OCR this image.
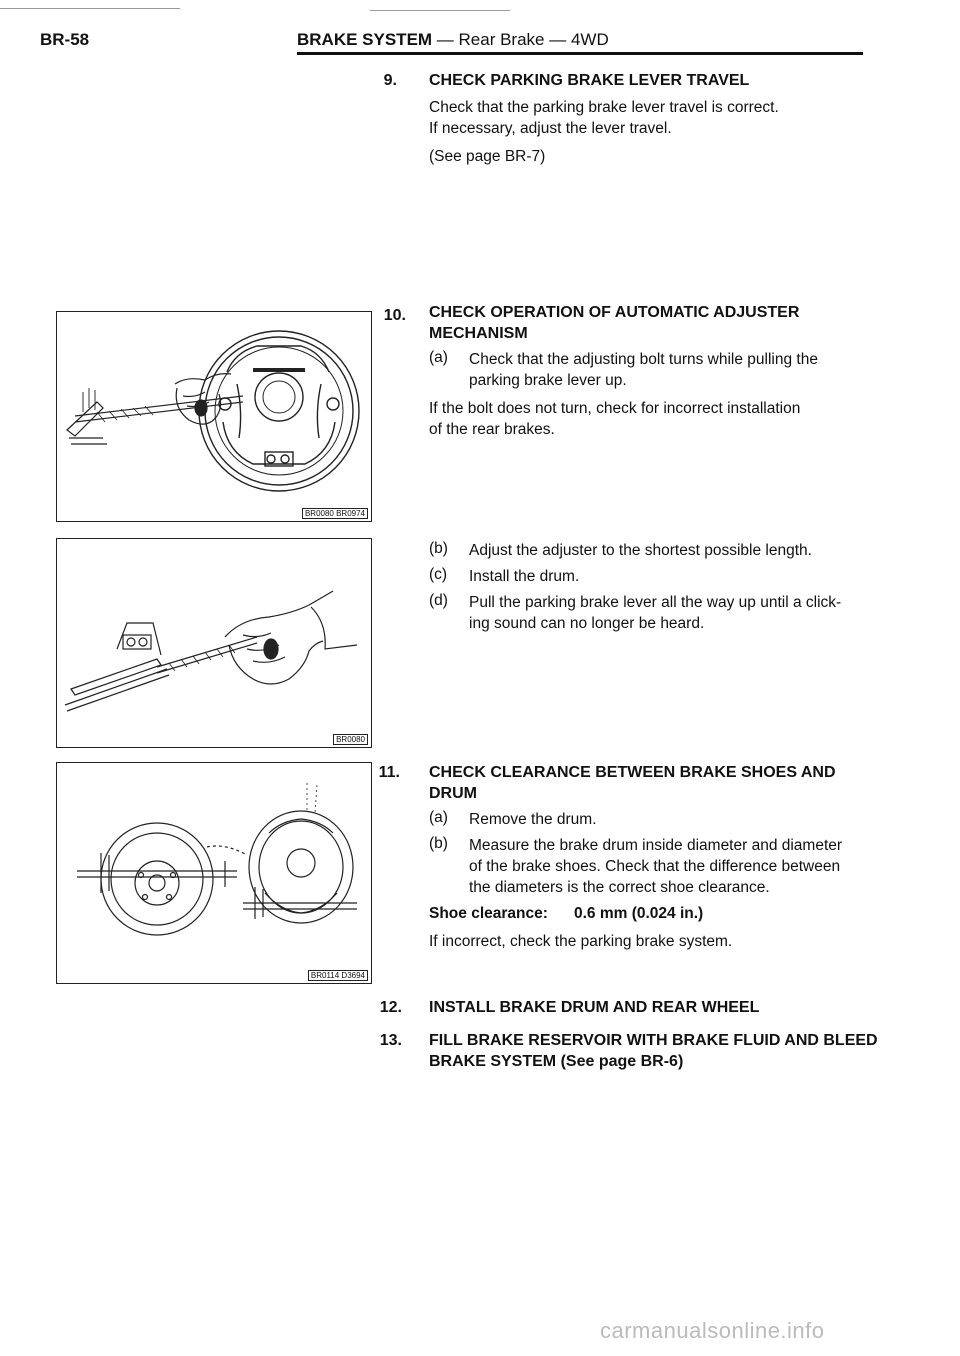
BR-58	BRAKE SYSTEM — Rear Brake — 4WD
9. CHECK PARKING BRAKE LEVER TRAVEL
Check that the parking brake lever travel is correct.
If necessary, adjust the lever travel.
(See page BR-7)
10. CHECK OPERATION OF AUTOMATIC ADJUSTER
MECHANISM
(a)	Check that the adjusting bolt turns while pulling the
parking brake lever up.
If the bolt does not turn, check for incorrect installation
of the rear brakes.
(b)	Adjust the adjuster to the shortest possible length.
(c)	Install the drum.
(d)	Pull the parking brake lever all the way up until a click-
ing sound can no longer be heard.
11. CHECK CLEARANCE BETWEEN BRAKE SHOES AND
DRUM
(a)	Remove the drum.
(b)	Measure the brake drum inside diameter and diameter
of the brake shoes. Check that the difference between
the diameters is the correct shoe clearance.
Shoe clearance: 0.6 mm (0.024 in.)
If incorrect, check the parking brake system.
12. INSTALL BRAKE DRUM AND REAR WHEEL
13. FILL BRAKE RESERVOIR WITH BRAKE FLUID AND BLEED
BRAKE SYSTEM (See page BR-6)
BR0080 BR0974
BR0080
BR0114 D3694
carmanualsonline.info
